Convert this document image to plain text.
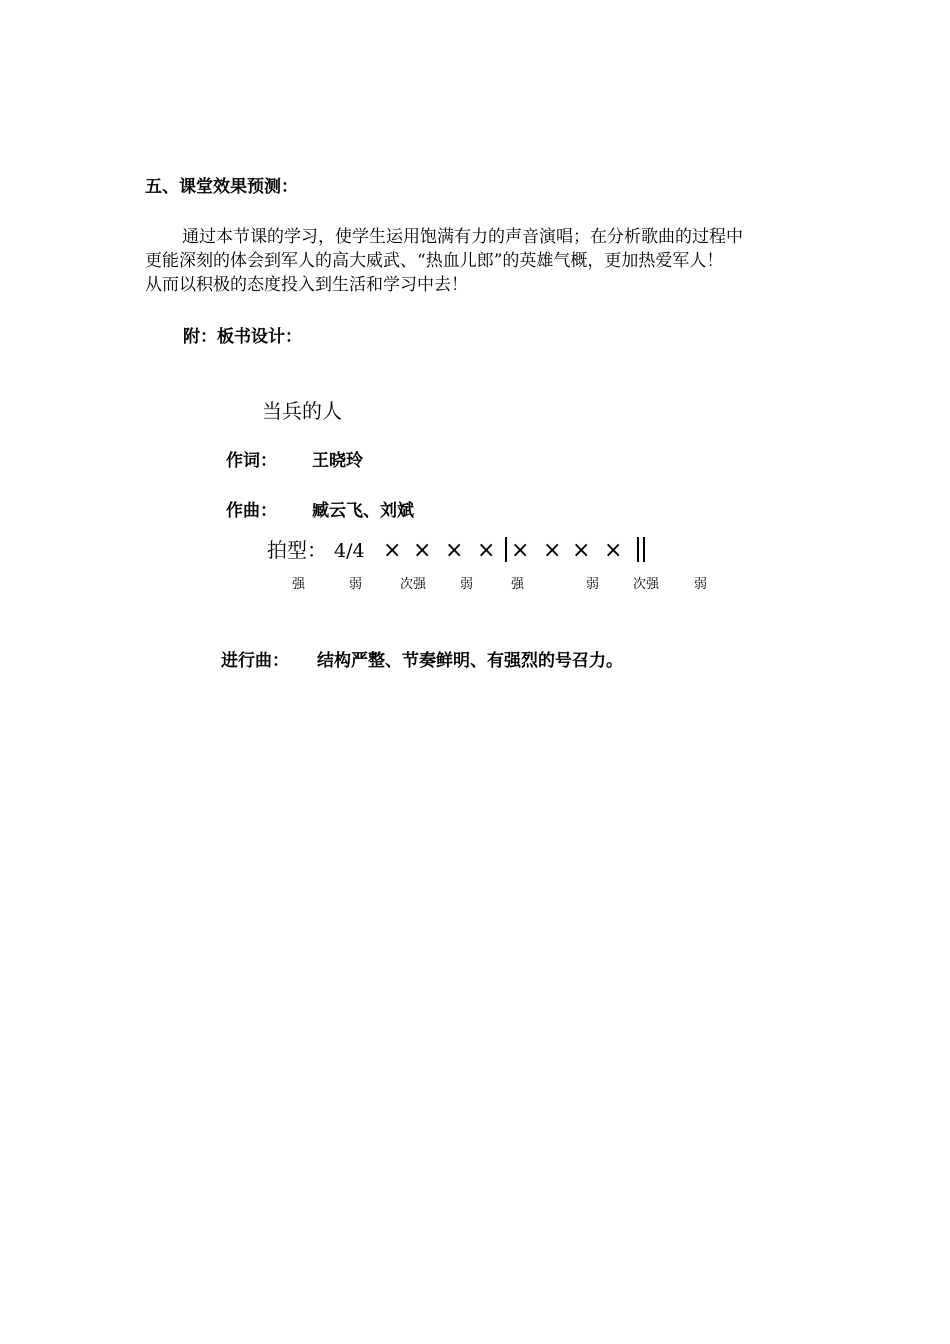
五、课堂效果预测：
通过本节课的学习，使学生运用饱满有力的声音演唱；在分析歌曲的过程中
更能深刻的体会到军人的高大威武、“热血儿郎”的英雄气概，更加热爱军人！
从而以积极的态度投入到生活和学习中去！
附：板书设计：
当兵的人
作词： 王晓玲
作曲： 臧云飞、刘斌
拍型： 4/4 × × × × × × × ×
强	弱	次强	弱	强	弱	次强	弱
进行曲： 结构严整、节奏鲜明、有强烈的号召力。
